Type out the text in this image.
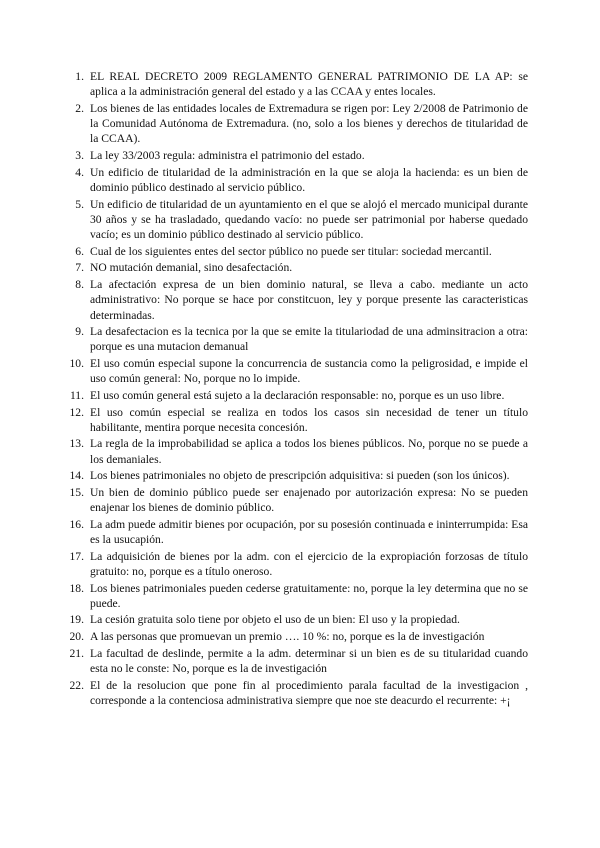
1. EL REAL DECRETO 2009 REGLAMENTO GENERAL PATRIMONIO DE LA AP: se aplica a la administración general del estado y a las CCAA y entes locales.
2. Los bienes de las entidades locales de Extremadura se rigen por: Ley 2/2008 de Patrimonio de la Comunidad Autónoma de Extremadura. (no, solo a los bienes y derechos de titularidad de la CCAA).
3. La ley 33/2003 regula: administra el patrimonio del estado.
4. Un edificio de titularidad de la administración en la que se aloja la hacienda: es un bien de dominio público destinado al servicio público.
5. Un edificio de titularidad de un ayuntamiento en el que se alojó el mercado municipal durante 30 años y se ha trasladado, quedando vacío: no puede ser patrimonial por haberse quedado vacío; es un dominio público destinado al servicio público.
6. Cual de los siguientes entes del sector público no puede ser titular: sociedad mercantil.
7. NO mutación demanial, sino desafectación.
8. La afectación expresa de un bien dominio natural, se lleva a cabo. mediante un acto administrativo: No porque se hace por constitcuon, ley y porque presente las caracteristicas determinadas.
9. La desafectacion es la tecnica por la que se emite la titulariodad de una adminsitracion a otra: porque es una mutacion demanual
10. El uso común especial supone la concurrencia de sustancia como la peligrosidad, e impide el uso común general: No, porque no lo impide.
11. El uso común general está sujeto a la declaración responsable: no, porque es un uso libre.
12. El uso común especial se realiza en todos los casos sin necesidad de tener un título habilitante, mentira porque necesita concesión.
13. La regla de la improbabilidad se aplica a todos los bienes públicos. No, porque no se puede a los demaniales.
14. Los bienes patrimoniales no objeto de prescripción adquisitiva: si pueden (son los únicos).
15. Un bien de dominio público puede ser enajenado por autorización expresa: No se pueden enajenar los bienes de dominio público.
16. La adm puede admitir bienes por ocupación, por su posesión continuada e ininterrumpida: Esa es la usucapión.
17. La adquisición de bienes por la adm. con el ejercicio de la expropiación forzosas de título gratuito: no, porque es a título oneroso.
18. Los bienes patrimoniales pueden cederse gratuitamente: no, porque la ley determina que no se puede.
19. La cesión gratuita solo tiene por objeto el uso de un bien: El uso y la propiedad.
20. A las personas que promuevan un premio …. 10 %: no, porque es la de investigación
21. La facultad de deslinde, permite a la adm. determinar si un bien es de su titularidad cuando esta no le conste: No, porque es la de investigación
22. El de la resolucion que pone fin al procedimiento parala facultad de la investigacion , corresponde a la contenciosa administrativa siempre que noe ste deacurdo el recurrente: +¡
